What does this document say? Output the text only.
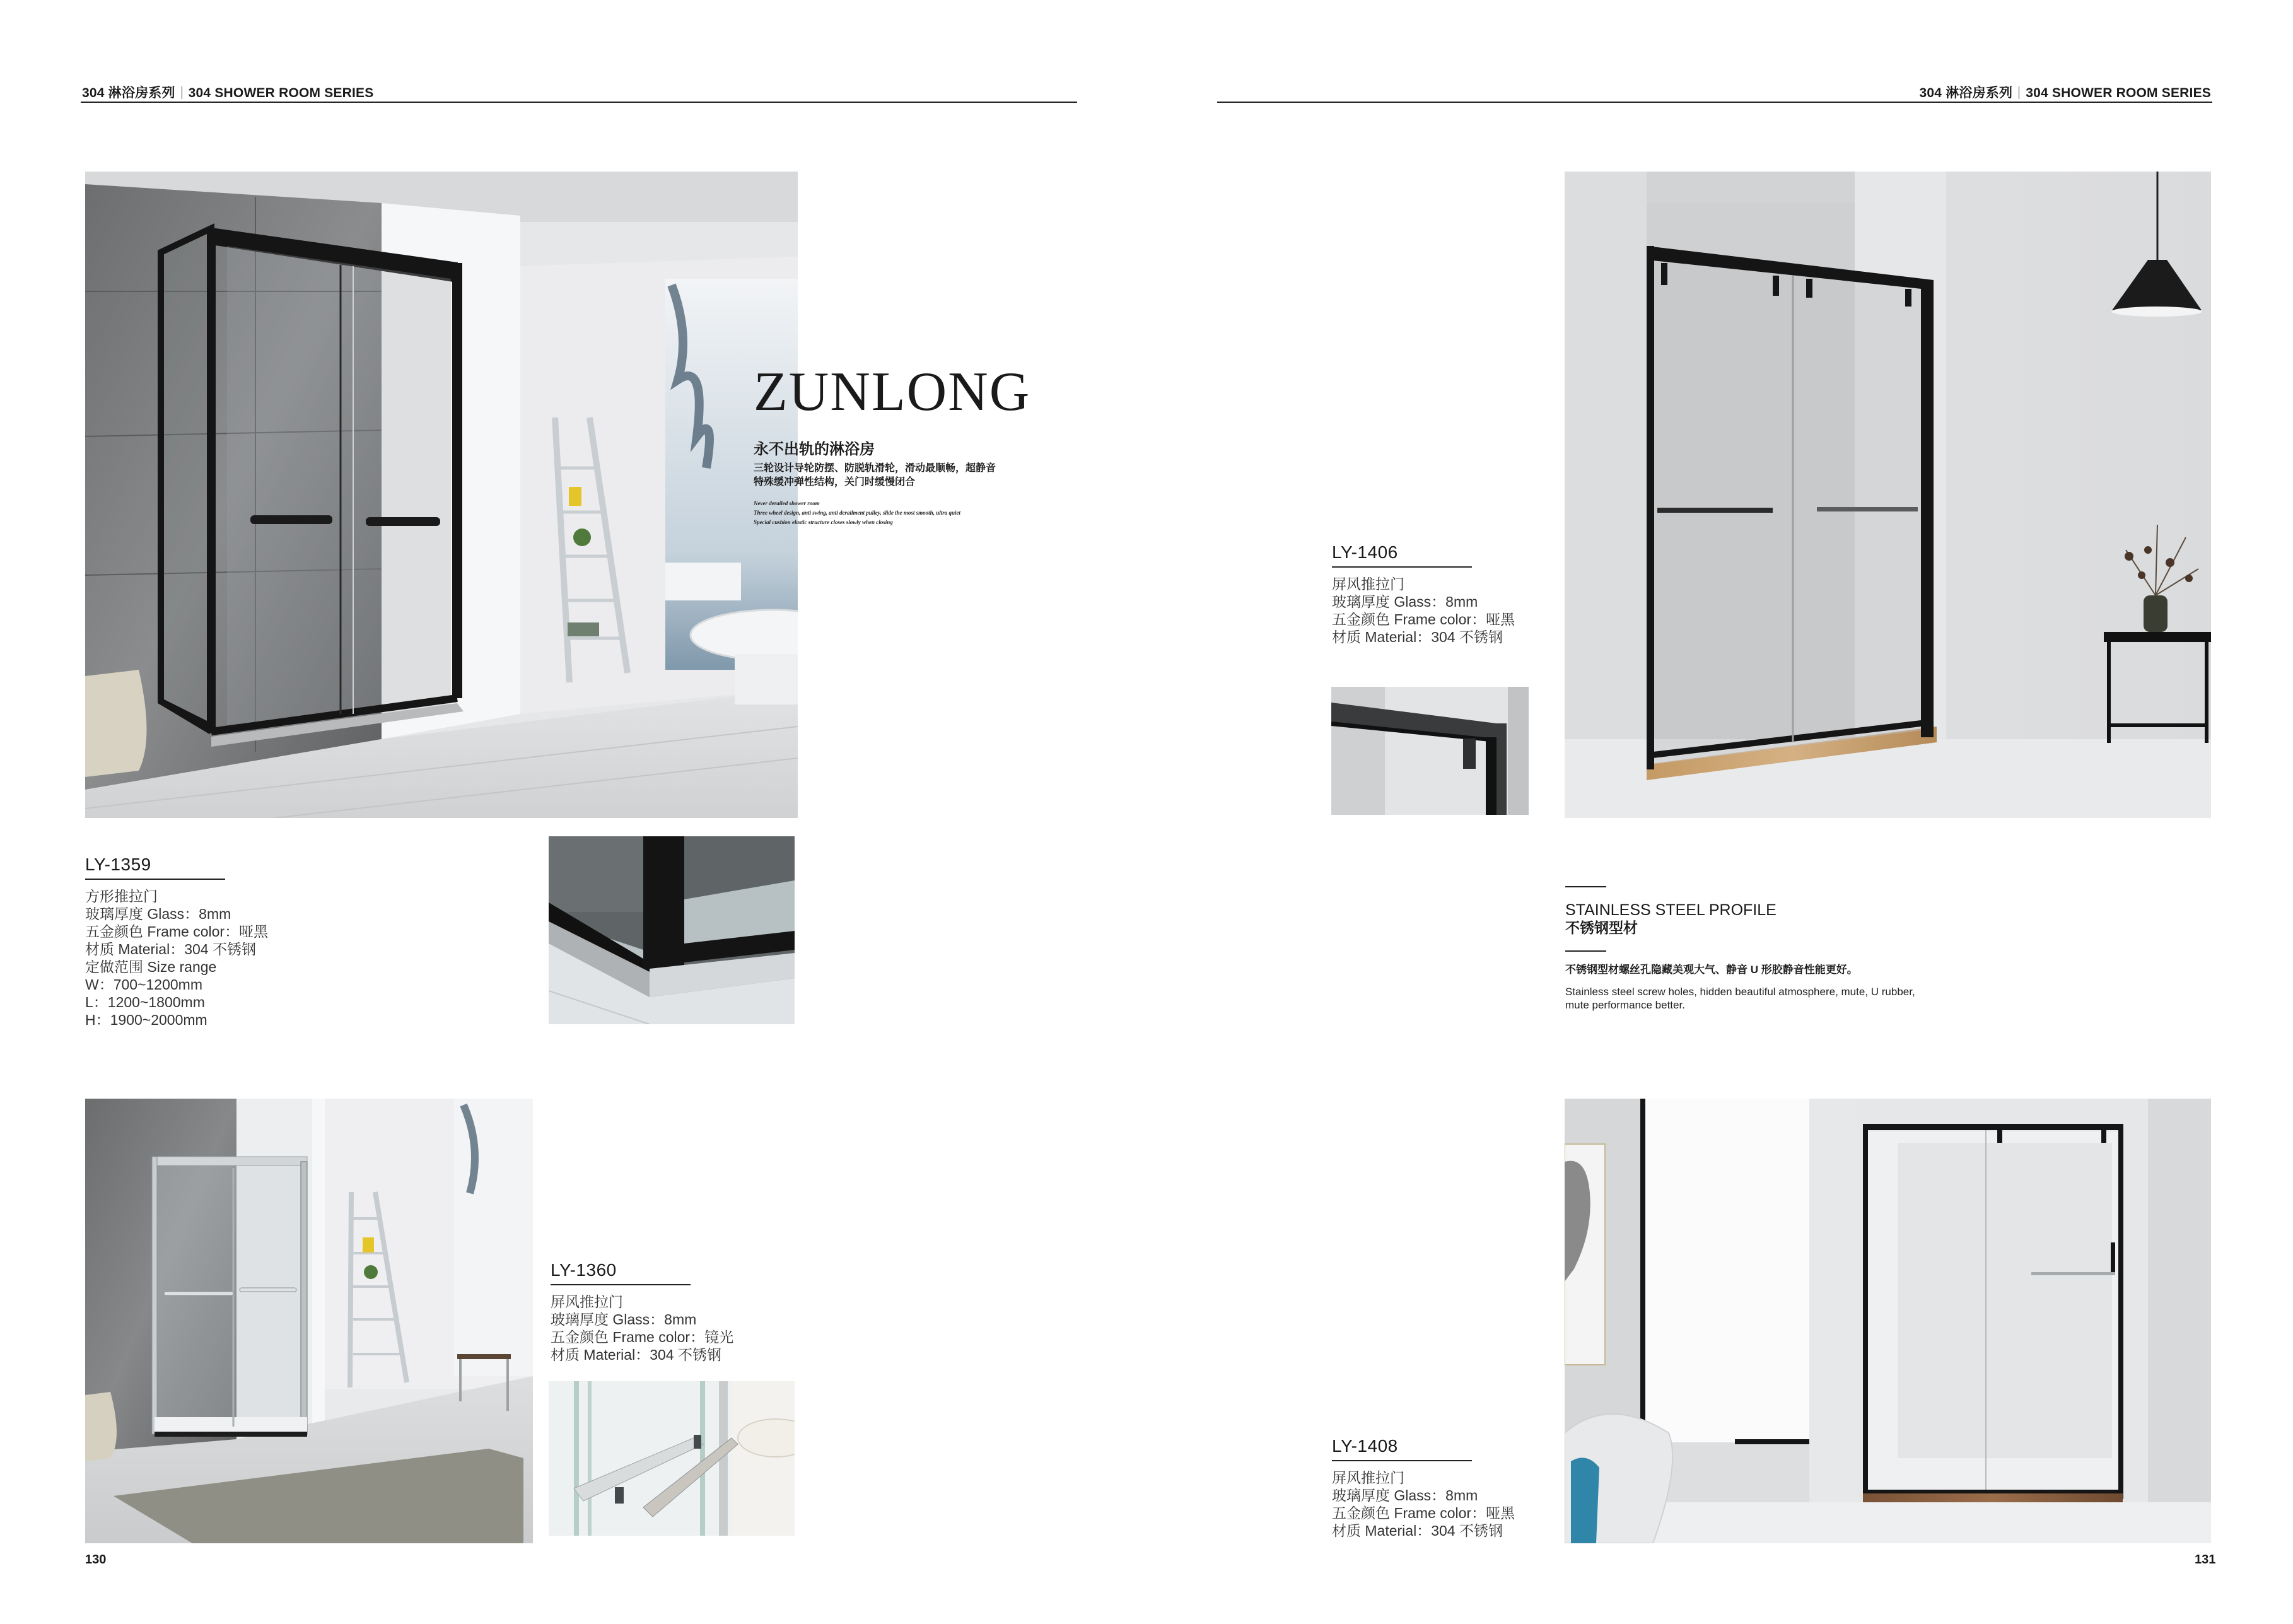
304 淋浴房系列 304 SHOWER ROOM SERIES
ZUNLONG
永不出轨的淋浴房
三轮设计导轮防摆、防脱轨滑轮，滑动最顺畅，超静音
特殊缓冲弹性结构，关门时缓慢闭合
Never derailed shower room
Three wheel design, anti swing, anti derailment pulley, slide the most smooth, ultra quiet
Special cushion elastic structure closes slowly when closing
LY-1359
方形推拉门
玻璃厚度 Glass：8mm
五金颜色 Frame color：哑黑
材质 Material：304 不锈钢
定做范围 Size range
W：700~1200mm
L：1200~1800mm
H：1900~2000mm
LY-1360
屏风推拉门
玻璃厚度 Glass：8mm
五金颜色 Frame color：镜光
材质 Material：304 不锈钢
130
304 淋浴房系列 304 SHOWER ROOM SERIES
LY-1406
屏风推拉门
玻璃厚度 Glass：8mm
五金颜色 Frame color：哑黑
材质 Material：304 不锈钢
STAINLESS STEEL PROFILE
不锈钢型材
不锈钢型材螺丝孔隐藏美观大气、静音 U 形胶静音性能更好。
Stainless steel screw holes, hidden beautiful atmosphere, mute, U rubber,
mute performance better.
LY-1408
屏风推拉门
玻璃厚度 Glass：8mm
五金颜色 Frame color：哑黑
材质 Material：304 不锈钢
131
